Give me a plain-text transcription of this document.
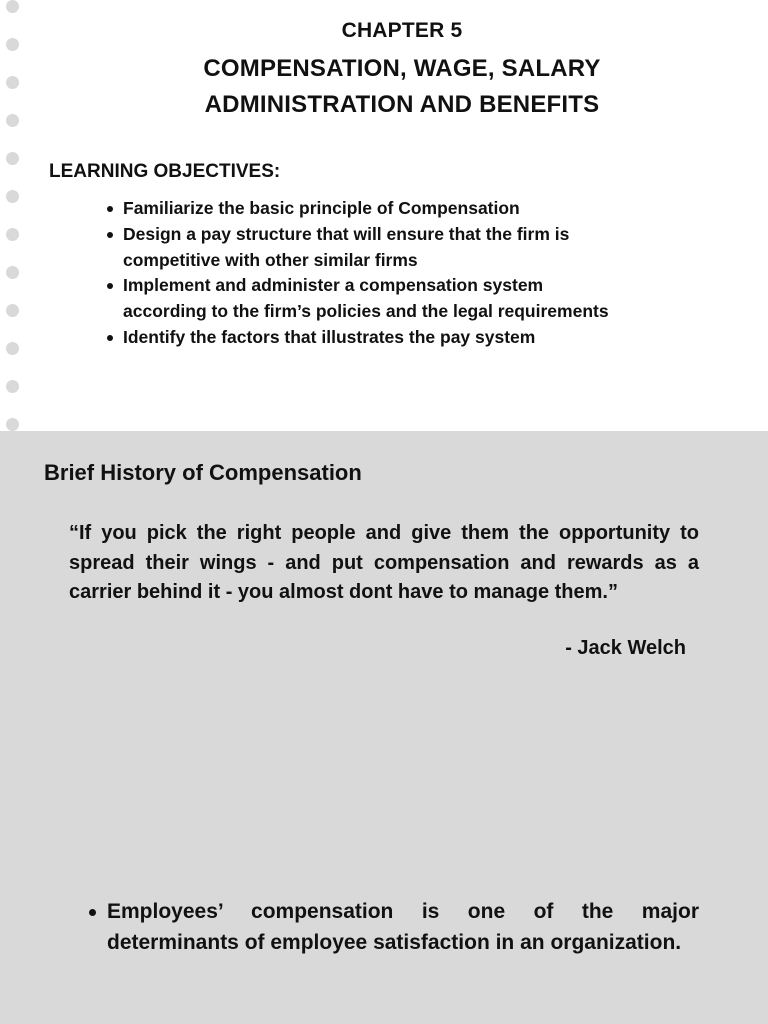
CHAPTER 5
COMPENSATION, WAGE, SALARY
ADMINISTRATION AND BENEFITS
LEARNING OBJECTIVES:
Familiarize the basic principle of Compensation
Design a pay structure that will ensure that the firm is competitive with other similar firms
Implement and administer a compensation system according to the firm’s policies and the legal requirements
Identify the factors that illustrates the pay system
Brief History of Compensation
“If you pick the right people and give them the opportunity to spread their wings - and put compensation and rewards as a carrier behind it - you almost dont have to manage them.”
- Jack Welch
Employees’ compensation is one of the major determinants of employee satisfaction in an organization.
